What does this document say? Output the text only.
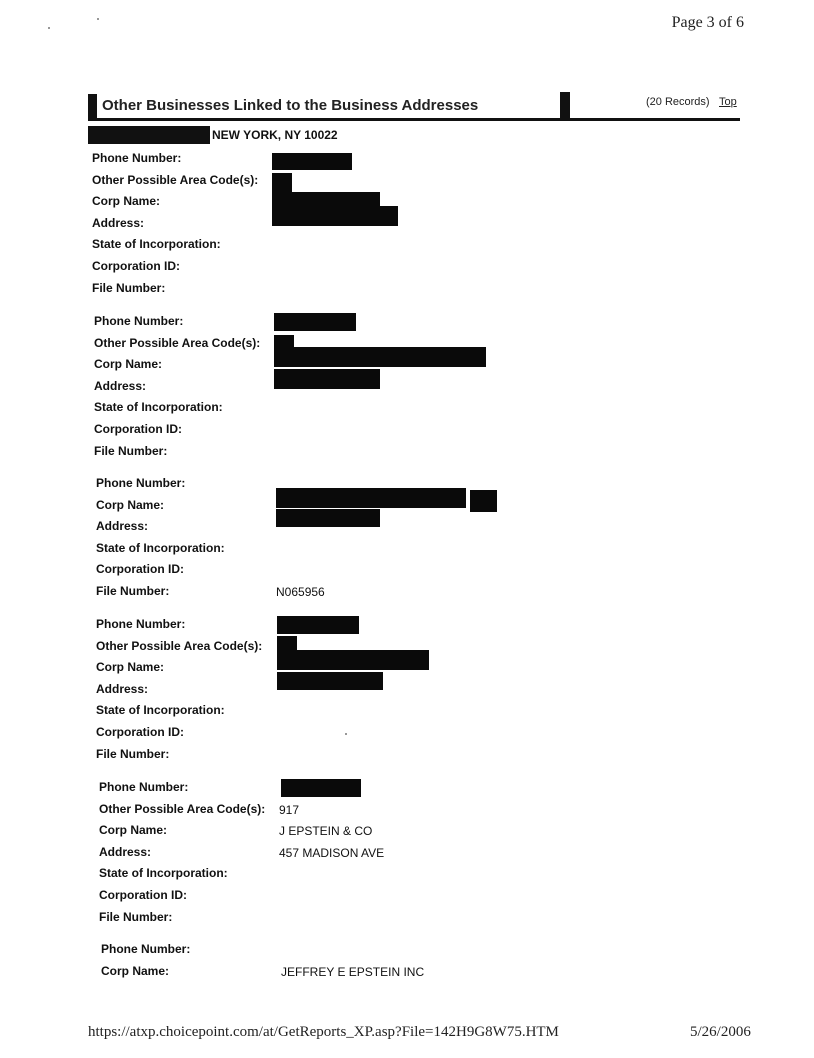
Page 3 of 6
Other Businesses Linked to the Business Addresses	(20 Records) Top
NEW YORK, NY 10022
Phone Number:
Other Possible Area Code(s):
Corp Name:
Address:
State of Incorporation:
Corporation ID:
File Number:
Phone Number:
Other Possible Area Code(s):
Corp Name:
Address:
State of Incorporation:
Corporation ID:
File Number:
Phone Number:
Corp Name:
Address:
State of Incorporation:
Corporation ID:
File Number:	N065956
Phone Number:
Other Possible Area Code(s):
Corp Name:
Address:
State of Incorporation:
Corporation ID:
File Number:
Phone Number:
Other Possible Area Code(s): 917
Corp Name:	J EPSTEIN & CO
Address:	457 MADISON AVE
State of Incorporation:
Corporation ID:
File Number:
Phone Number:
Corp Name:	JEFFREY E EPSTEIN INC
https://atxp.choicepoint.com/at/GetReports_XP.asp?File=142H9G8W75.HTM	5/26/2006
